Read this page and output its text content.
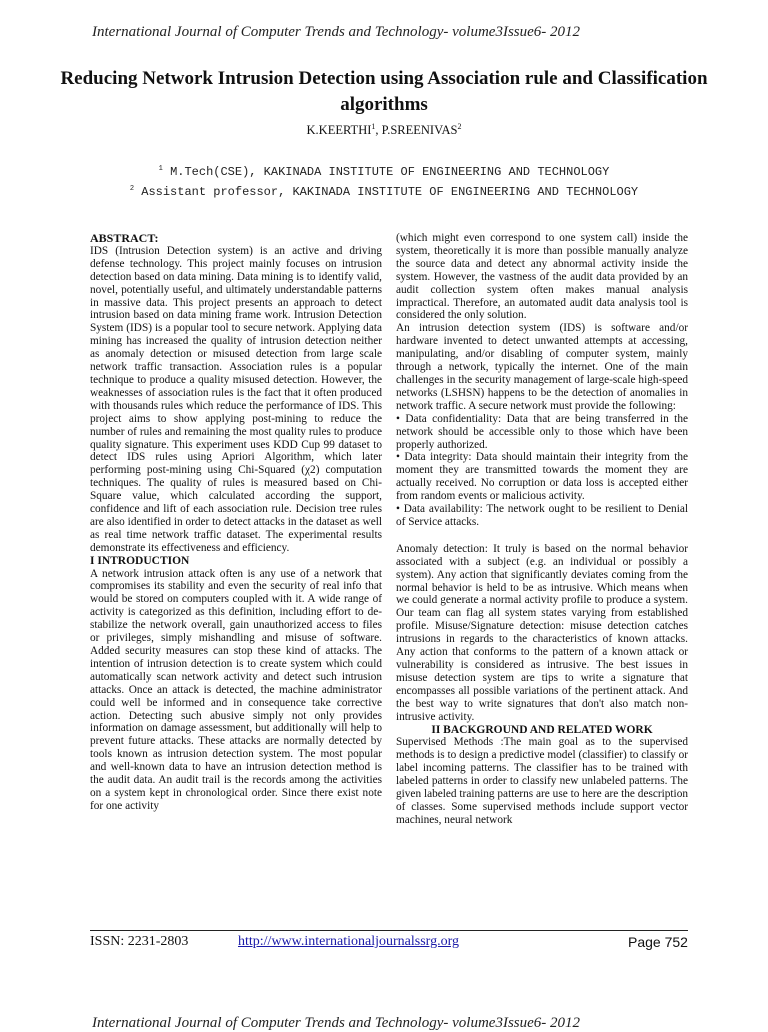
International Journal of Computer Trends and Technology- volume3Issue6- 2012
Reducing Network Intrusion Detection using Association rule and Classification algorithms
K.KEERTHI$^1$, P.SREENIVAS$^2$
$^1$ M.Tech(CSE), KAKINADA INSTITUTE OF ENGINEERING AND TECHNOLOGY
$^2$ Assistant professor, KAKINADA INSTITUTE OF ENGINEERING AND TECHNOLOGY

ABSTRACT:

IDS (Intrusion Detection system) is an active and driving defense technology. This project mainly focuses on intrusion detection based on data mining. Data mining is to identify valid, novel, potentially useful, and ultimately understandable patterns in massive data. This project presents an approach to detect intrusion based on data mining frame work. Intrusion Detection System (IDS) is a popular tool to secure network. Applying data mining has increased the quality of intrusion detection neither as anomaly detection or misused detection from large scale network traffic transaction. Association rules is a popular technique to produce a quality misused detection. However, the weaknesses of association rules is the fact that it often produced with thousands rules which reduce the performance of IDS. This project aims to show applying post-mining to reduce the number of rules and remaining the most quality rules to produce quality signature. This experiment uses KDD Cup 99 dataset to detect IDS rules using Apriori Algorithm, which later performing post-mining using Chi-Squared (χ2) computation techniques. The quality of rules is measured based on Chi- Square value, which calculated according the support, confidence and lift of each association rule. Decision tree rules are also identified in order to detect attacks in the dataset as well as real time network traffic dataset. The experimental results demonstrate its effectiveness and efficiency.

I INTRODUCTION

A network intrusion attack often is any use of a network that compromises its stability and even the security of real info that would be stored on computers coupled with it. A wide range of activity is categorized as this definition, including effort to de-stabilize the network overall, gain unauthorized access to files or privileges, simply mishandling and misuse of software. Added security measures can stop these kind of attacks. The intention of intrusion detection is to create system which could automatically scan network activity and detect such intrusion attacks. Once an attack is detected, the machine administrator could well be informed and in consequence take corrective action. Detecting such abusive simply not only provides information on damage assessment, but additionally will help to prevent future attacks. These attacks are normally detected by tools known as intrusion detection system. The most popular and well-known data to have an intrusion detection method is the audit data. An audit trail is the records among the activities on a system kept in chronological order. Since there exist note for one activity

(which might even correspond to one system call) inside the system, theoretically it is more than possible manually analyze the source data and detect any abnormal activity inside the system. However, the vastness of the audit data provided by an audit collection system often makes manual analysis impractical. Therefore, an automated audit data analysis tool is considered the only solution.

An intrusion detection system (IDS) is software and/or hardware invented to detect unwanted attempts at accessing, manipulating, and/or disabling of computer system, mainly through a network, typically the internet. One of the main challenges in the security management of large-scale high-speed networks (LSHSN) happens to be the detection of anomalies in network traffic. A secure network must provide the following:

• Data confidentiality: Data that are being transferred in the network should be accessible only to those which have been properly authorized.

• Data integrity: Data should maintain their integrity from the moment they are transmitted towards the moment they are actually received. No corruption or data loss is accepted either from random events or malicious activity.

• Data availability: The network ought to be resilient to Denial of Service attacks.

Anomaly detection: It truly is based on the normal behavior associated with a subject (e.g. an individual or possibly a system). Any action that significantly deviates coming from the normal behavior is held to be as intrusive. Which means when we could generate a normal activity profile to produce a system. Our team can flag all system states varying from established profile. Misuse/Signature detection: misuse detection catches intrusions in regards to the characteristics of known attacks. Any action that conforms to the pattern of a known attack or vulnerability is considered as intrusive. The best issues in misuse detection system are tips to write a signature that encompasses all possible variations of the pertinent attack. And the best way to write signatures that don't also match non-intrusive activity.

II BACKGROUND AND RELATED WORK

Supervised Methods :The main goal as to the supervised methods is to design a predictive model (classifier) to classify or label incoming patterns. The classifier has to be trained with labeled patterns in order to classify new unlabeled patterns. The given labeled training patterns are use to here are the description of classes. Some supervised methods include support vector machines, neural network

ISSN: 2231-2803	http://www.internationaljournalssrg.org	Page 752
International Journal of Computer Trends and Technology- volume3Issue6- 2012
